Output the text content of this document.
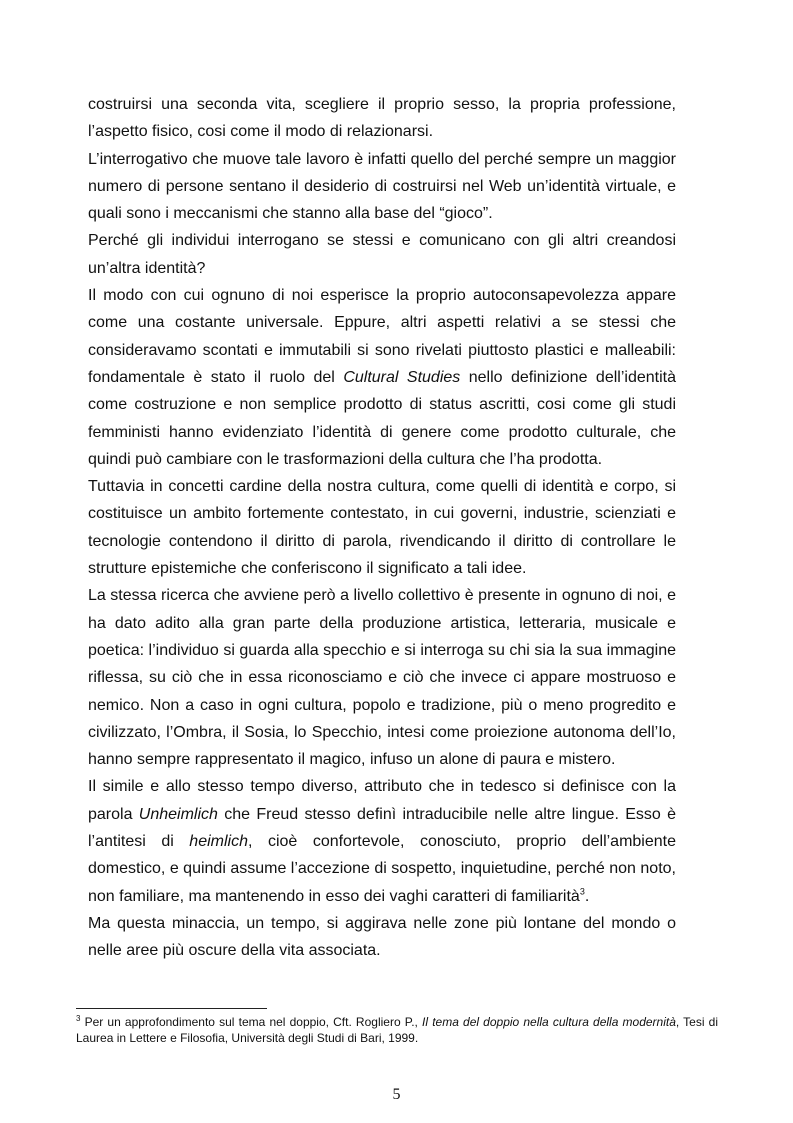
costruirsi una seconda vita, scegliere il proprio sesso, la propria professione, l’aspetto fisico, cosi come il modo di relazionarsi.

L’interrogativo che muove tale lavoro è infatti quello del perché sempre un maggior numero di persone sentano il desiderio di costruirsi nel Web un’identità virtuale, e quali sono i meccanismi che stanno alla base del “gioco”.

Perché gli individui interrogano se stessi e comunicano con gli altri creandosi un’altra identità?

Il modo con cui ognuno di noi esperisce la proprio autoconsapevolezza appare come una costante universale. Eppure, altri aspetti relativi a se stessi che consideravamo scontati e immutabili si sono rivelati piuttosto plastici e malleabili: fondamentale è stato il ruolo del Cultural Studies nello definizione dell’identità come costruzione e non semplice prodotto di status ascritti, cosi come gli studi femministi hanno evidenziato l’identità di genere come prodotto culturale, che quindi può cambiare con le trasformazioni della cultura che l’ha prodotta.

Tuttavia in concetti cardine della nostra cultura, come quelli di identità e corpo, si costituisce un ambito fortemente contestato, in cui governi, industrie, scienziati e tecnologie contendono il diritto di parola, rivendicando il diritto di controllare le strutture epistemiche che conferiscono il significato a tali idee.

La stessa ricerca che avviene però a livello collettivo è presente in ognuno di noi, e ha dato adito alla gran parte della produzione artistica, letteraria, musicale e poetica: l’individuo si guarda alla specchio e si interroga su chi sia la sua immagine riflessa, su ciò che in essa riconosciamo e ciò che invece ci appare mostruoso e nemico. Non a caso in ogni cultura, popolo e tradizione, più o meno progredito e civilizzato, l’Ombra, il Sosia, lo Specchio, intesi come proiezione autonoma dell’Io, hanno sempre rappresentato il magico, infuso un alone di paura e mistero.

Il simile e allo stesso tempo diverso, attributo che in tedesco si definisce con la parola Unheimlich che Freud stesso definì intraducibile nelle altre lingue. Esso è l’antitesi di heimlich, cioè confortevole, conosciuto, proprio dell’ambiente domestico, e quindi assume l’accezione di sospetto, inquietudine, perché non noto, non familiare, ma mantenendo in esso dei vaghi caratteri di familiarità$^3$.

Ma questa minaccia, un tempo, si aggirava nelle zone più lontane del mondo o nelle aree più oscure della vita associata.

$^3$ Per un approfondimento sul tema nel doppio, Cft. Rogliero P., Il tema del doppio nella cultura della modernità, Tesi di Laurea in Lettere e Filosofia, Università degli Studi di Bari, 1999.
5
